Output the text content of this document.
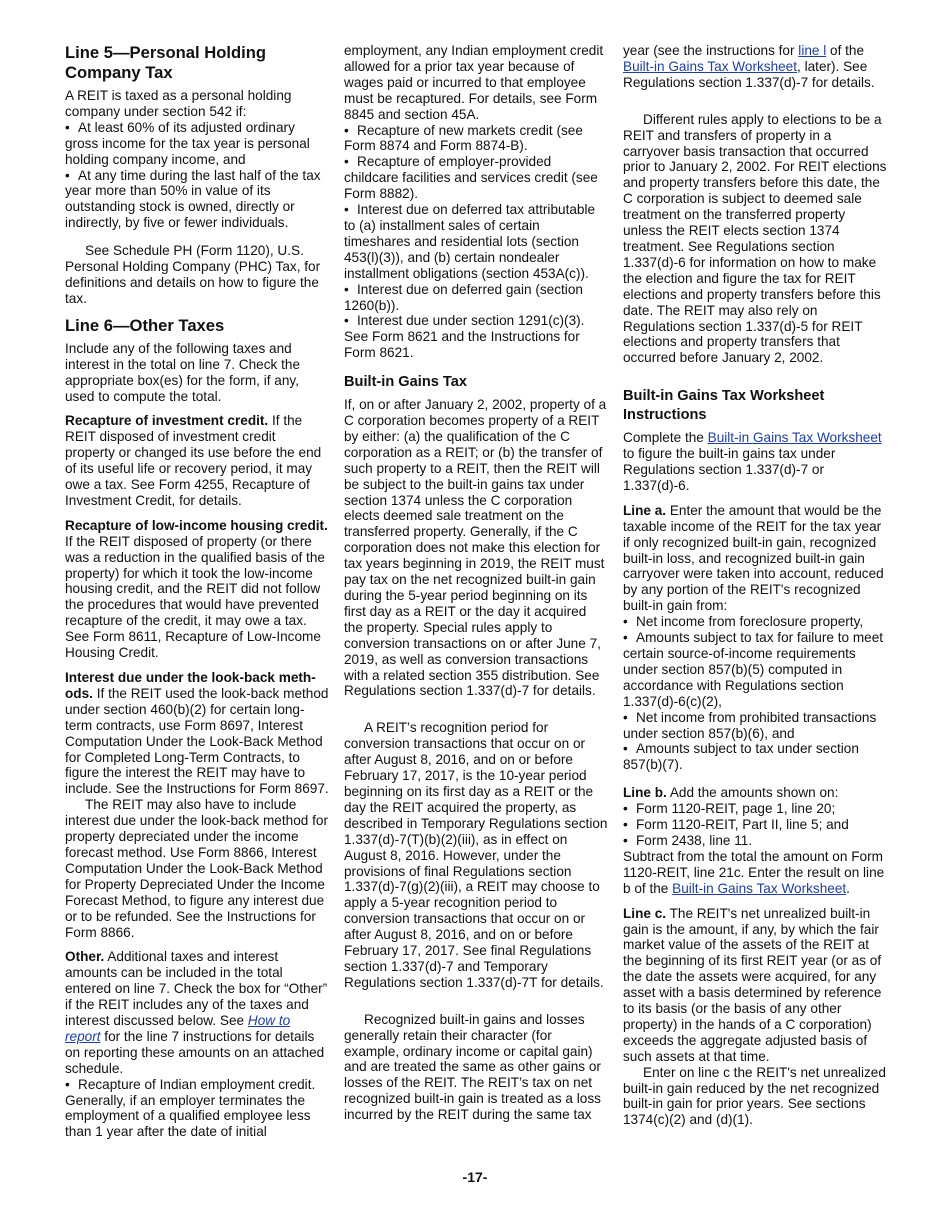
Line 5—Personal Holding Company Tax

A REIT is taxed as a personal holding company under section 542 if:

• At least 60% of its adjusted ordinary gross income for the tax year is personal holding company income, and
• At any time during the last half of the tax year more than 50% in value of its outstanding stock is owned, directly or indirectly, by five or fewer individuals.

See Schedule PH (Form 1120), U.S. Personal Holding Company (PHC) Tax, for definitions and details on how to figure the tax.

Line 6—Other Taxes

Include any of the following taxes and interest in the total on line 7. Check the appropriate box(es) for the form, if any, used to compute the total.

Recapture of investment credit. If the REIT disposed of investment credit property or changed its use before the end of its useful life or recovery period, it may owe a tax. See Form 4255, Recapture of Investment Credit, for details.

Recapture of low-income housing credit. If the REIT disposed of property (or there was a reduction in the qualified basis of the property) for which it took the low-income housing credit, and the REIT did not follow the procedures that would have prevented recapture of the credit, it may owe a tax. See Form 8611, Recapture of Low-Income Housing Credit.

Interest due under the look-back meth-ods. If the REIT used the look-back method under section 460(b)(2) for certain long-term contracts, use Form 8697, Interest Computation Under the Look-Back Method for Completed Long-Term Contracts, to figure the interest the REIT may have to include. See the Instructions for Form 8697.

The REIT may also have to include interest due under the look-back method for property depreciated under the income forecast method. Use Form 8866, Interest Computation Under the Look-Back Method for Property Depreciated Under the Income Forecast Method, to figure any interest due or to be refunded. See the Instructions for Form 8866.

Other. Additional taxes and interest amounts can be included in the total entered on line 7. Check the box for “Other” if the REIT includes any of the taxes and interest discussed below. See How to report for the line 7 instructions for details on reporting these amounts on an attached schedule.

• Recapture of Indian employment credit. Generally, if an employer terminates the employment of a qualified employee less than 1 year after the date of initial
employment, any Indian employment credit allowed for a prior tax year because of wages paid or incurred to that employee must be recaptured. For details, see Form 8845 and section 45A.
• Recapture of new markets credit (see Form 8874 and Form 8874-B).
• Recapture of employer-provided childcare facilities and services credit (see Form 8882).
• Interest due on deferred tax attributable to (a) installment sales of certain timeshares and residential lots (section 453(l)(3)), and (b) certain nondealer installment obligations (section 453A(c)).
• Interest due on deferred gain (section 1260(b)).
• Interest due under section 1291(c)(3). See Form 8621 and the Instructions for Form 8621.
Built-in Gains Tax

If, on or after January 2, 2002, property of a C corporation becomes property of a REIT by either: (a) the qualification of the C corporation as a REIT; or (b) the transfer of such property to a REIT, then the REIT will be subject to the built-in gains tax under section 1374 unless the C corporation elects deemed sale treatment on the transferred property. Generally, if the C corporation does not make this election for tax years beginning in 2019, the REIT must pay tax on the net recognized built-in gain during the 5-year period beginning on its first day as a REIT or the day it acquired the property. Special rules apply to conversion transactions on or after June 7, 2019, as well as conversion transactions with a related section 355 distribution. See Regulations section 1.337(d)-7 for details.

A REIT’s recognition period for conversion transactions that occur on or after August 8, 2016, and on or before February 17, 2017, is the 10-year period beginning on its first day as a REIT or the day the REIT acquired the property, as described in Temporary Regulations section 1.337(d)-7(T)(b)(2)(iii), as in effect on August 8, 2016. However, under the provisions of final Regulations section 1.337(d)-7(g)(2)(iii), a REIT may choose to apply a 5-year recognition period to conversion transactions that occur on or after August 8, 2016, and on or before February 17, 2017. See final Regulations section 1.337(d)-7 and Temporary Regulations section 1.337(d)-7T for details.

Recognized built-in gains and losses generally retain their character (for example, ordinary income or capital gain) and are treated the same as other gains or losses of the REIT. The REIT’s tax on net recognized built-in gain is treated as a loss incurred by the REIT during the same tax

year (see the instructions for line l of the Built-in Gains Tax Worksheet, later). See Regulations section 1.337(d)-7 for details.

Different rules apply to elections to be a REIT and transfers of property in a carryover basis transaction that occurred prior to January 2, 2002. For REIT elections and property transfers before this date, the C corporation is subject to deemed sale treatment on the transferred property unless the REIT elects section 1374 treatment. See Regulations section 1.337(d)-6 for information on how to make the election and figure the tax for REIT elections and property transfers before this date. The REIT may also rely on Regulations section 1.337(d)-5 for REIT elections and property transfers that occurred before January 2, 2002.

Built-in Gains Tax Worksheet Instructions

Complete the Built-in Gains Tax Worksheet to figure the built-in gains tax under Regulations section 1.337(d)-7 or 1.337(d)-6.

Line a. Enter the amount that would be the taxable income of the REIT for the tax year if only recognized built-in gain, recognized built-in loss, and recognized built-in gain carryover were taken into account, reduced by any portion of the REIT's recognized built-in gain from:

• Net income from foreclosure property,
• Amounts subject to tax for failure to meet certain source-of-income requirements under section 857(b)(5) computed in accordance with Regulations section 1.337(d)-6(c)(2),
• Net income from prohibited transactions under section 857(b)(6), and
• Amounts subject to tax under section 857(b)(7).

Line b. Add the amounts shown on:

• Form 1120-REIT, page 1, line 20;
• Form 1120-REIT, Part II, line 5; and
• Form 2438, line 11.

Subtract from the total the amount on Form 1120-REIT, line 21c. Enter the result on line b of the Built-in Gains Tax Worksheet.

Line c. The REIT's net unrealized built-in gain is the amount, if any, by which the fair market value of the assets of the REIT at the beginning of its first REIT year (or as of the date the assets were acquired, for any asset with a basis determined by reference to its basis (or the basis of any other property) in the hands of a C corporation) exceeds the aggregate adjusted basis of such assets at that time.

Enter on line c the REIT's net unrealized built-in gain reduced by the net recognized built-in gain for prior years. See sections 1374(c)(2) and (d)(1).

-17-
